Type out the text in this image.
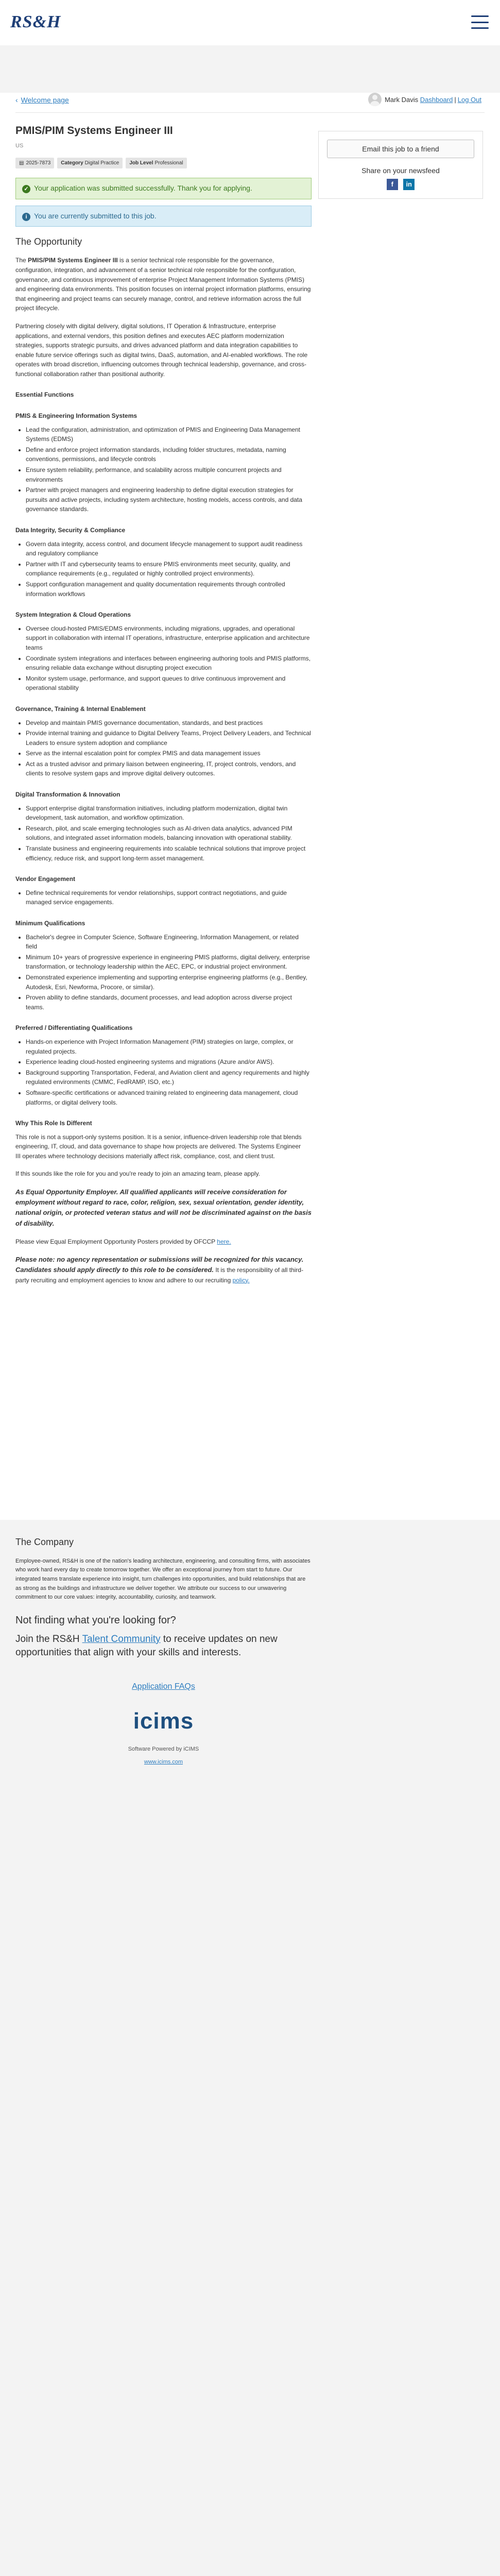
RS&H
‹ Welcome page	Mark Davis
Dashboard | Log Out
PMIS/PIM Systems Engineer III
US
▤ 2025-7873	Category Digital Practice	Job Level Professional
✓ Your application was submitted successfully. Thank you for applying.
i You are currently submitted to this job.
The Opportunity

The PMIS/PIM Systems Engineer III is a senior technical role responsible for the governance, configuration, integration, and advancement of a senior technical role responsible for the configuration, governance, and continuous improvement of enterprise Project Management Information Systems (PMIS) and engineering data environments. This position focuses on internal project information platforms, ensuring that engineering and project teams can securely manage, control, and retrieve information across the full project lifecycle.

Partnering closely with digital delivery, digital solutions, IT Operation & Infrastructure, enterprise applications, and external vendors, this position defines and executes AEC platform modernization strategies, supports strategic pursuits, and drives advanced platform and data integration capabilities to enable future service offerings such as digital twins, DaaS, automation, and AI-enabled workflows. The role operates with broad discretion, influencing outcomes through technical leadership, governance, and cross-functional collaboration rather than positional authority.

Essential Functions

PMIS & Engineering Information Systems
• Lead the configuration, administration, and optimization of PMIS and Engineering Data Management Systems (EDMS)
• Define and enforce project information standards, including folder structures, metadata, naming conventions, permissions, and lifecycle controls
• Ensure system reliability, performance, and scalability across multiple concurrent projects and environments
• Partner with project managers and engineering leadership to define digital execution strategies for pursuits and active projects, including system architecture, hosting models, access controls, and data governance standards.
Data Integrity, Security & Compliance
• Govern data integrity, access control, and document lifecycle management to support audit readiness and regulatory compliance
• Partner with IT and cybersecurity teams to ensure PMIS environments meet security, quality, and compliance requirements (e.g., regulated or highly controlled project environments).
• Support configuration management and quality documentation requirements through controlled information workflows
System Integration & Cloud Operations
• Oversee cloud-hosted PMIS/EDMS environments, including migrations, upgrades, and operational support in collaboration with internal IT operations, infrastructure, enterprise application and architecture teams
• Coordinate system integrations and interfaces between engineering authoring tools and PMIS platforms, ensuring reliable data exchange without disrupting project execution
• Monitor system usage, performance, and support queues to drive continuous improvement and operational stability
Governance, Training & Internal Enablement
• Develop and maintain PMIS governance documentation, standards, and best practices
• Provide internal training and guidance to Digital Delivery Teams, Project Delivery Leaders, and Technical Leaders to ensure system adoption and compliance
• Serve as the internal escalation point for complex PMIS and data management issues
• Act as a trusted advisor and primary liaison between engineering, IT, project controls, vendors, and clients to resolve system gaps and improve digital delivery outcomes.
Digital Transformation & Innovation
• Support enterprise digital transformation initiatives, including platform modernization, digital twin development, task automation, and workflow optimization.
• Research, pilot, and scale emerging technologies such as AI-driven data analytics, advanced PIM solutions, and integrated asset information models, balancing innovation with operational stability.
• Translate business and engineering requirements into scalable technical solutions that improve project efficiency, reduce risk, and support long-term asset management.
Vendor Engagement
• Define technical requirements for vendor relationships, support contract negotiations, and guide managed service engagements.
Minimum Qualifications
• Bachelor's degree in Computer Science, Software Engineering, Information Management, or related field
• Minimum 10+ years of progressive experience in engineering PMIS platforms, digital delivery, enterprise transformation, or technology leadership within the AEC, EPC, or industrial project environment.
• Demonstrated experience implementing and supporting enterprise engineering platforms (e.g., Bentley, Autodesk, Esri, Newforma, Procore, or similar).
• Proven ability to define standards, document processes, and lead adoption across diverse project teams.
Preferred / Differentiating Qualifications
• Hands-on experience with Project Information Management (PIM) strategies on large, complex, or regulated projects.
• Experience leading cloud-hosted engineering systems and migrations (Azure and/or AWS).
• Background supporting Transportation, Federal, and Aviation client and agency requirements and highly regulated environments (CMMC, FedRAMP, ISO, etc.)
• Software-specific certifications or advanced training related to engineering data management, cloud platforms, or digital delivery tools.
Why This Role Is Different

This role is not a support-only systems position. It is a senior, influence-driven leadership role that blends engineering, IT, cloud, and data governance to shape how projects are delivered. The Systems Engineer
III operates where technology decisions materially affect risk, compliance, cost, and client trust.

If this sounds like the role for you and you're ready to join an amazing team, please apply.

As Equal Opportunity Employer. All qualified applicants will receive consideration for employment without regard to race, color, religion, sex, sexual orientation, gender identity, national origin, or protected veteran status and will not be discriminated against on the basis of disability.

Please view Equal Employment Opportunity Posters provided by OFCCP here.

Please note: no agency representation or submissions will be recognized for this vacancy. Candidates should apply directly to this role to be considered. It is the responsibility of all third-party recruiting and employment agencies to know and adhere to our recruiting policy.

Email this job to a friend
Share on your newsfeed
f in
The Company

Employee-owned, RS&H is one of the nation's leading architecture, engineering, and consulting firms, with associates who work hard every day to create tomorrow together. We offer an exceptional journey from start to future. Our integrated teams translate experience into insight, turn challenges into opportunities, and build relationships that are as strong as the buildings and infrastructure we deliver together. We attribute our success to our unwavering commitment to our core values: integrity, accountability, curiosity, and teamwork.

Not finding what you're looking for?
Join the RS&H Talent Community to receive updates on new opportunities that align with your skills and interests.
Application FAQs
icims
Software Powered by iCIMS
www.icims.com
